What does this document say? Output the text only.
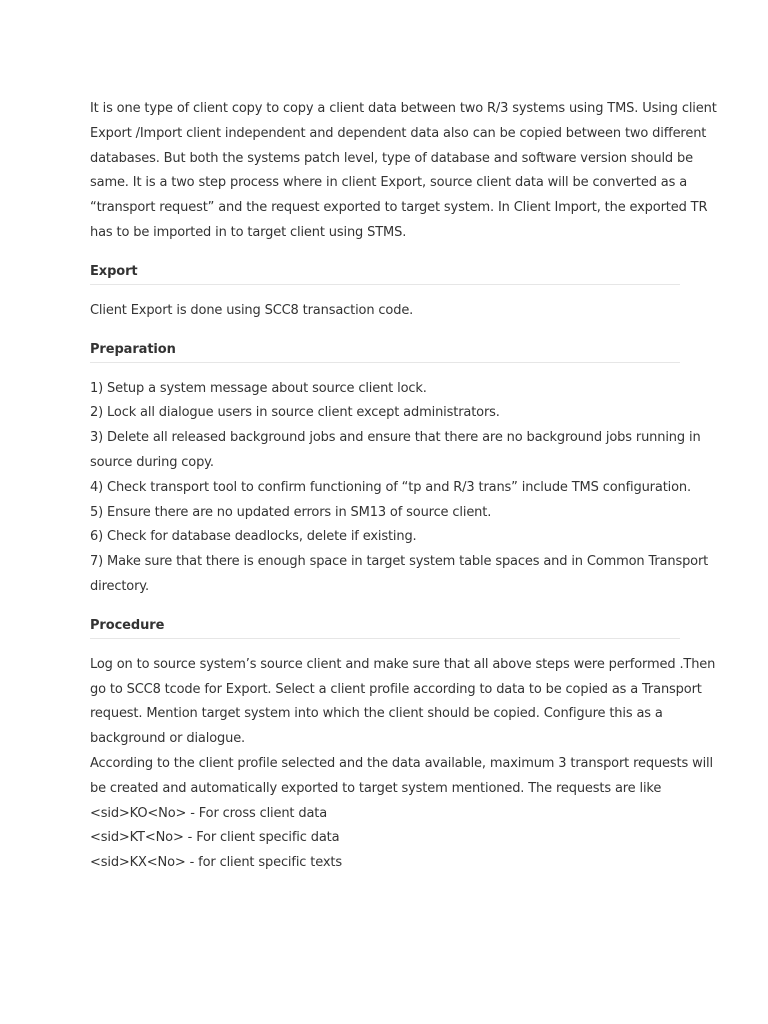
It is one type of client copy to copy a client data between two R/3 systems using TMS. Using client
Export /Import client independent and dependent data also can be copied between two different
databases. But both the systems patch level, type of database and software version should be
same. It is a two step process where in client Export, source client data will be converted as a
“transport request” and the request exported to target system. In Client Import, the exported TR
has to be imported in to target client using STMS.
Export
Client Export is done using SCC8 transaction code.
Preparation
1) Setup a system message about source client lock.
2) Lock all dialogue users in source client except administrators.
3) Delete all released background jobs and ensure that there are no background jobs running in
source during copy.
4) Check transport tool to confirm functioning of “tp and R/3 trans” include TMS configuration.
5) Ensure there are no updated errors in SM13 of source client.
6) Check for database deadlocks, delete if existing.
7) Make sure that there is enough space in target system table spaces and in Common Transport
directory.
Procedure
Log on to source system’s source client and make sure that all above steps were performed .Then
go to SCC8 tcode for Export. Select a client profile according to data to be copied as a Transport
request. Mention target system into which the client should be copied. Configure this as a
background or dialogue.
According to the client profile selected and the data available, maximum 3 transport requests will
be created and automatically exported to target system mentioned. The requests are like
<sid>KO<No> - For cross client data
<sid>KT<No> - For client specific data
<sid>KX<No> - for client specific texts
